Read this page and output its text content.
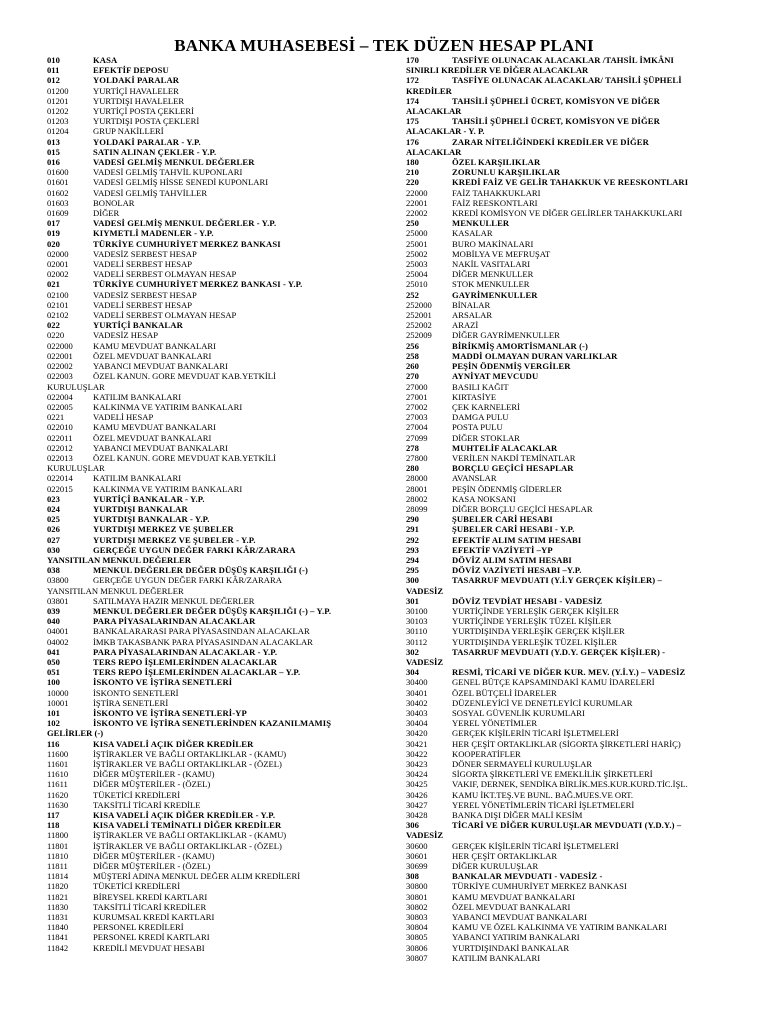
BANKA MUHASEBESİ – TEK DÜZEN HESAP PLANI
010	KASA
011	EFEKTİF DEPOSU
012	YOLDAKİ PARALAR
01200	YURTİÇİ HAVALELER
01201	YURTDIŞI HAVALELER
01202	YURTİÇİ POSTA ÇEKLERİ
01203	YURTDIŞI POSTA ÇEKLERİ
01204	GRUP NAKİLLERİ
013	YOLDAKİ PARALAR - Y.P.
015	SATIN ALINAN ÇEKLER - Y.P.
016	VADESİ GELMİŞ MENKUL DEĞERLER
01600	VADESİ GELMİŞ TAHVİL KUPONLARI
01601	VADESİ GELMİŞ HİSSE SENEDİ KUPONLARI
01602	VADESİ GELMİŞ TAHVİLLER
01603	BONOLAR
01609	DİĞER
017	VADESİ GELMİŞ MENKUL DEĞERLER - Y.P.
019	KIYMETLİ MADENLER - Y.P.
020	TÜRKİYE CUMHURİYET MERKEZ BANKASI
02000	VADESİZ SERBEST HESAP
02001	VADELİ SERBEST HESAP
02002	VADELİ SERBEST OLMAYAN HESAP
021	TÜRKİYE CUMHURİYET MERKEZ BANKASI - Y.P.
02100	VADESİZ SERBEST HESAP
02101	VADELİ SERBEST HESAP
02102	VADELİ SERBEST OLMAYAN HESAP
022	YURTİÇİ BANKALAR
0220	VADESİZ HESAP
022000 KAMU MEVDUAT BANKALARI
022001 ÖZEL MEVDUAT BANKALARI
022002 YABANCI MEVDUAT BANKALARI
022003 ÖZEL KANUN. GORE MEVDUAT KAB.YETKİLİ
KURULUŞLAR
022004 KATILIM BANKALARI
022005 KALKINMA VE YATIRIM BANKALARI
0221	VADELİ HESAP
022010 KAMU MEVDUAT BANKALARI
022011 ÖZEL MEVDUAT BANKALARI
022012 YABANCI MEVDUAT BANKALARI
022013 ÖZEL KANUN. GORE MEVDUAT KAB.YETKİLİ
KURULUŞLAR
022014 KATILIM BANKALARI
022015 KALKINMA VE YATIRIM BANKALARI
023	YURTİÇİ BANKALAR - Y.P.
024	YURTDIŞI BANKALAR
025	YURTDIŞI BANKALAR - Y.P.
026	YURTDIŞI MERKEZ VE ŞUBELER
027	YURTDIŞI MERKEZ VE ŞUBELER - Y.P.
030	GERÇEĞE UYGUN DEĞER FARKI KÂR/ZARARA
YANSITILAN MENKUL DEĞERLER
038	MENKUL DEĞERLER DEĞER DÜŞÜŞ KARŞILIĞI (-)
03800	GERÇEĞE UYGUN DEĞER FARKI KÂR/ZARARA
YANSITILAN MENKUL DEĞERLER
03801	SATILMAYA HAZIR MENKUL DEĞERLER
039	MENKUL DEĞERLER DEĞER DÜŞÜŞ KARŞILIĞI (-) – Y.P.
040	PARA PİYASALARINDAN ALACAKLAR
04001	BANKALARARASI PARA PİYASASINDAN ALACAKLAR
04002	İMKB TAKASBANK PARA PİYASASINDAN ALACAKLAR
041	PARA PİYASALARINDAN ALACAKLAR - Y.P.
050	TERS REPO İŞLEMLERİNDEN ALACAKLAR
051	TERS REPO İŞLEMLERİNDEN ALACAKLAR – Y.P.
100	İSKONTO VE İŞTİRA SENETLERİ
10000	İSKONTO SENETLERİ
10001	İŞTİRA SENETLERİ
101	İSKONTO VE İŞTİRA SENETLERİ-YP
102	İSKONTO VE İŞTİRA SENETLERİNDEN KAZANILMAMIŞ
GELİRLER (-)
116	KISA VADELİ AÇIK DİĞER KREDİLER
11600	İŞTİRAKLER VE BAĞLI ORTAKLIKLAR - (KAMU)
11601	İŞTİRAKLER VE BAĞLI ORTAKLIKLAR - (ÖZEL)
11610	DİĞER MÜŞTERİLER - (KAMU)
11611	DİĞER MÜŞTERİLER - (ÖZEL)
11620	TÜKETİCİ KREDİLERİ
11630	TAKSİTLİ TİCARİ KREDİLE
117	KISA VADELİ AÇIK DİĞER KREDİLER - Y.P.
118	KISA VADELİ TEMİNATLI DİĞER KREDİLER
11800	İŞTİRAKLER VE BAĞLI ORTAKLIKLAR - (KAMU)
11801	İŞTİRAKLER VE BAĞLI ORTAKLIKLAR - (ÖZEL)
11810	DİĞER MÜŞTERİLER - (KAMU)
11811	DİĞER MÜŞTERİLER - (ÖZEL)
11814	MÜŞTERİ ADINA MENKUL DEĞER ALIM KREDİLERİ
11820	TÜKETİCİ KREDİLERİ
11821	BİREYSEL KREDİ KARTLARI
11830	TAKSİTLİ TİCARİ KREDİLER
11831	KURUMSAL KREDİ KARTLARI
11840	PERSONEL KREDİLERİ
11841	PERSONEL KREDİ KARTLARI
11842	KREDİLİ MEVDUAT HESABI
170	TASFİYE OLUNACAK ALACAKLAR /TAHSİL İMKÂNI
SINIRLI KREDİLER VE DİĞER ALACAKLAR
172	TASFİYE OLUNACAK ALACAKLAR/ TAHSİLİ ŞÜPHELİ
KREDİLER
174	TAHSİLİ ŞÜPHELİ ÜCRET, KOMİSYON VE DİĞER
ALACAKLAR
175	TAHSİLİ ŞÜPHELİ ÜCRET, KOMİSYON VE DİĞER
ALACAKLAR - Y. P.
176	ZARAR NİTELİĞİNDEKİ KREDİLER VE DİĞER
ALACAKLAR
180	ÖZEL KARŞILIKLAR
210	ZORUNLU KARŞILIKLAR
220	KREDİ FAİZ VE GELİR TAHAKKUK VE REESKONTLARI
22000	FAİZ TAHAKKUKLARI
22001	FAİZ REESKONTLARI
22002	KREDİ KOMİSYON VE DİĞER GELİRLER TAHAKKUKLARI
250	MENKULLER
25000	KASALAR
25001	BURO MAKİNALARI
25002	MOBİLYA VE MEFRUŞAT
25003	NAKİL VASITALARI
25004	DİĞER MENKULLER
25010	STOK MENKULLER
252	GAYRİMENKULLER
252000 BİNALAR
252001 ARSALAR
252002 ARAZİ
252009 DİĞER GAYRİMENKULLER
256	BİRİKMİŞ AMORTİSMANLAR (-)
258	MADDİ OLMAYAN DURAN VARLIKLAR
260	PEŞİN ÖDENMİŞ VERGİLER
270	AYNİYAT MEVCUDU
27000	BASILI KAĞIT
27001	KIRTASİYE
27002	ÇEK KARNELERİ
27003	DAMGA PULU
27004	POSTA PULU
27099	DİĞER STOKLAR
278	MUHTELİF ALACAKLAR
27800	VERİLEN NAKDİ TEMİNATLAR
280	BORÇLU GEÇİCİ HESAPLAR
28000	AVANSLAR
28001	PEŞİN ÖDENMİŞ GİDERLER
28002	KASA NOKSANI
28099	DİĞER BORÇLU GEÇİCİ HESAPLAR
290	ŞUBELER CARİ HESABI
291	ŞUBELER CARİ HESABI - Y.P.
292	EFEKTİF ALIM SATIM HESABI
293	EFEKTİF VAZİYETİ –YP
294	DÖVİZ ALIM SATIM HESABI
295	DÖVİZ VAZİYETİ HESABI –Y.P.
300	TASARRUF MEVDUATI (Y.İ.Y GERÇEK KİŞİLER) –
VADESİZ
301	DÖVİZ TEVDİAT HESABI - VADESİZ
30100	YURTİÇİNDE YERLEŞİK GERÇEK KİŞİLER
30103	YURTİÇİNDE YERLEŞİK TÜZEL KİŞİLER
30110	YURTDIŞINDA YERLEŞİK GERÇEK KİŞİLER
30112	YURTDIŞINDA YERLEŞİK TÜZEL KİŞİLER
302	TASARRUF MEVDUATI (Y.D.Y. GERÇEK KİŞİLER) -
VADESİZ
304	RESMİ, TİCARİ VE DİĞER KUR. MEV. (Y.İ.Y.) – VADESİZ
30400	GENEL BÜTÇE KAPSAMINDAKİ KAMU İDARELERİ
30401	ÖZEL BÜTÇELİ İDARELER
30402	DÜZENLEYİCİ VE DENETLEYİCİ KURUMLAR
30403	SOSYAL GÜVENLİK KURUMLARI
30404	YEREL YÖNETİMLER
30420	GERÇEK KİŞİLERİN TİCARİ İŞLETMELERİ
30421	HER ÇEŞİT ORTAKLIKLAR (SİGORTA ŞİRKETLERİ HARİÇ)
30422	KOOPERATİFLER
30423	DÖNER SERMAYELİ KURULUŞLAR
30424	SİGORTA ŞİRKETLERİ VE EMEKLİLİK ŞİRKETLERİ
30425	VAKIF, DERNEK, SENDİKA BİRLİK.MES.KUR.KURD.TİC.İŞL.
30426	KAMU İKT.TEŞ.VE BUNL. BAĞ.MUES.VE ORT.
30427	YEREL YÖNETİMLERİN TİCARİ İŞLETMELERİ
30428	BANKA DIŞI DİĞER MALİ KESİM
306	TİCARİ VE DİĞER KURULUŞLAR MEVDUATI (Y.D.Y.) –
VADESİZ
30600	GERÇEK KİŞİLERİN TİCARİ İŞLETMELERİ
30601	HER ÇEŞİT ORTAKLIKLAR
30699	DİĞER KURULUŞLAR
308	BANKALAR MEVDUATI - VADESİZ -
30800	TÜRKİYE CUMHURİYET MERKEZ BANKASI
30801	KAMU MEVDUAT BANKALARI
30802	ÖZEL MEVDUAT BANKALARI
30803	YABANCI MEVDUAT BANKALARI
30804	KAMU VE ÖZEL KALKINMA VE YATIRIM BANKALARI
30805	YABANCI YATIRIM BANKALARI
30806	YURTDIŞINDAKİ BANKALAR
30807	KATILIM BANKALARI
